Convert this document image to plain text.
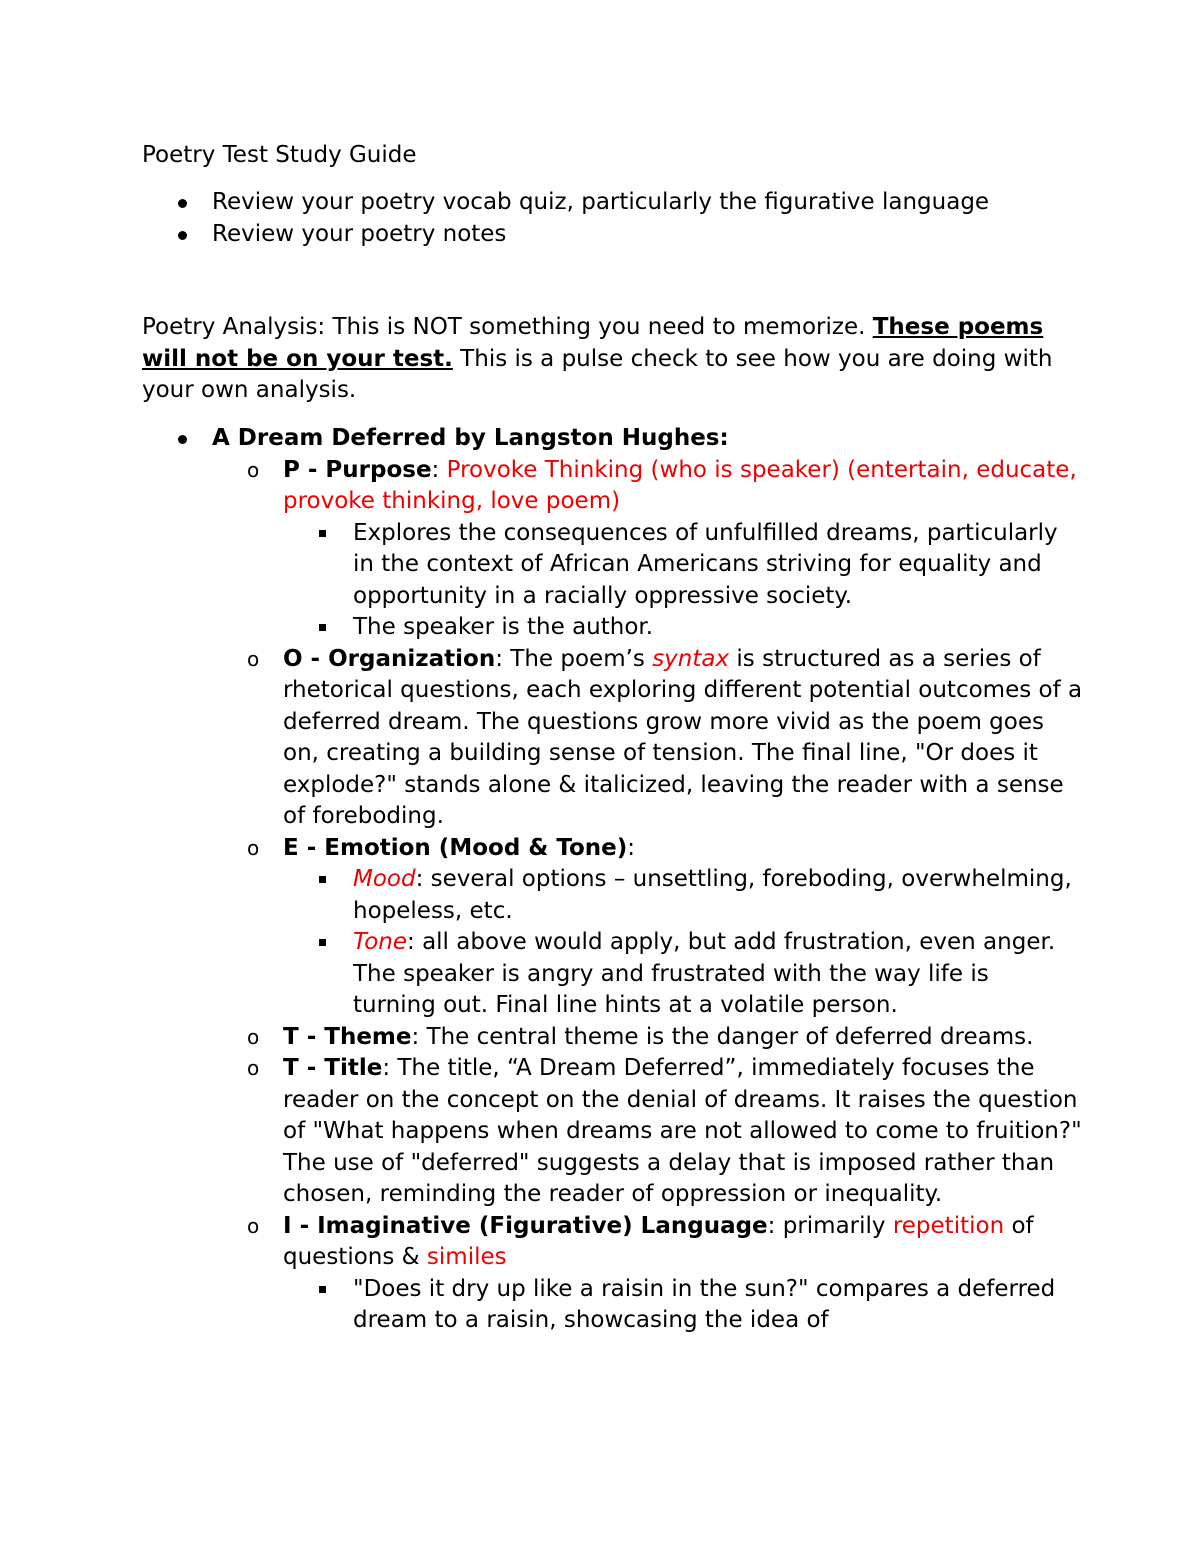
Poetry Test Study Guide

Review your poetry vocab quiz, particularly the figurative language
Review your poetry notes

Poetry Analysis: This is NOT something you need to memorize. These poems will not be on your test. This is a pulse check to see how you are doing with your own analysis.

A Dream Deferred by Langston Hughes:
o P - Purpose: Provoke Thinking (who is speaker) (entertain, educate, provoke thinking, love poem)
Explores the consequences of unfulfilled dreams, particularly in the context of African Americans striving for equality and opportunity in a racially oppressive society.
The speaker is the author.
o O - Organization: The poem’s syntax is structured as a series of rhetorical questions, each exploring different potential outcomes of a deferred dream. The questions grow more vivid as the poem goes on, creating a building sense of tension. The final line, "Or does it explode?" stands alone & italicized, leaving the reader with a sense of foreboding.
o E - Emotion (Mood & Tone):
Mood: several options – unsettling, foreboding, overwhelming, hopeless, etc.
Tone: all above would apply, but add frustration, even anger. The speaker is angry and frustrated with the way life is turning out. Final line hints at a volatile person.
o T - Theme: The central theme is the danger of deferred dreams.
o T - Title: The title, “A Dream Deferred”, immediately focuses the reader on the concept on the denial of dreams. It raises the question of "What happens when dreams are not allowed to come to fruition?" The use of "deferred" suggests a delay that is imposed rather than chosen, reminding the reader of oppression or inequality.
o I - Imaginative (Figurative) Language: primarily repetition of questions & similes
"Does it dry up like a raisin in the sun?" compares a deferred dream to a raisin, showcasing the idea of
